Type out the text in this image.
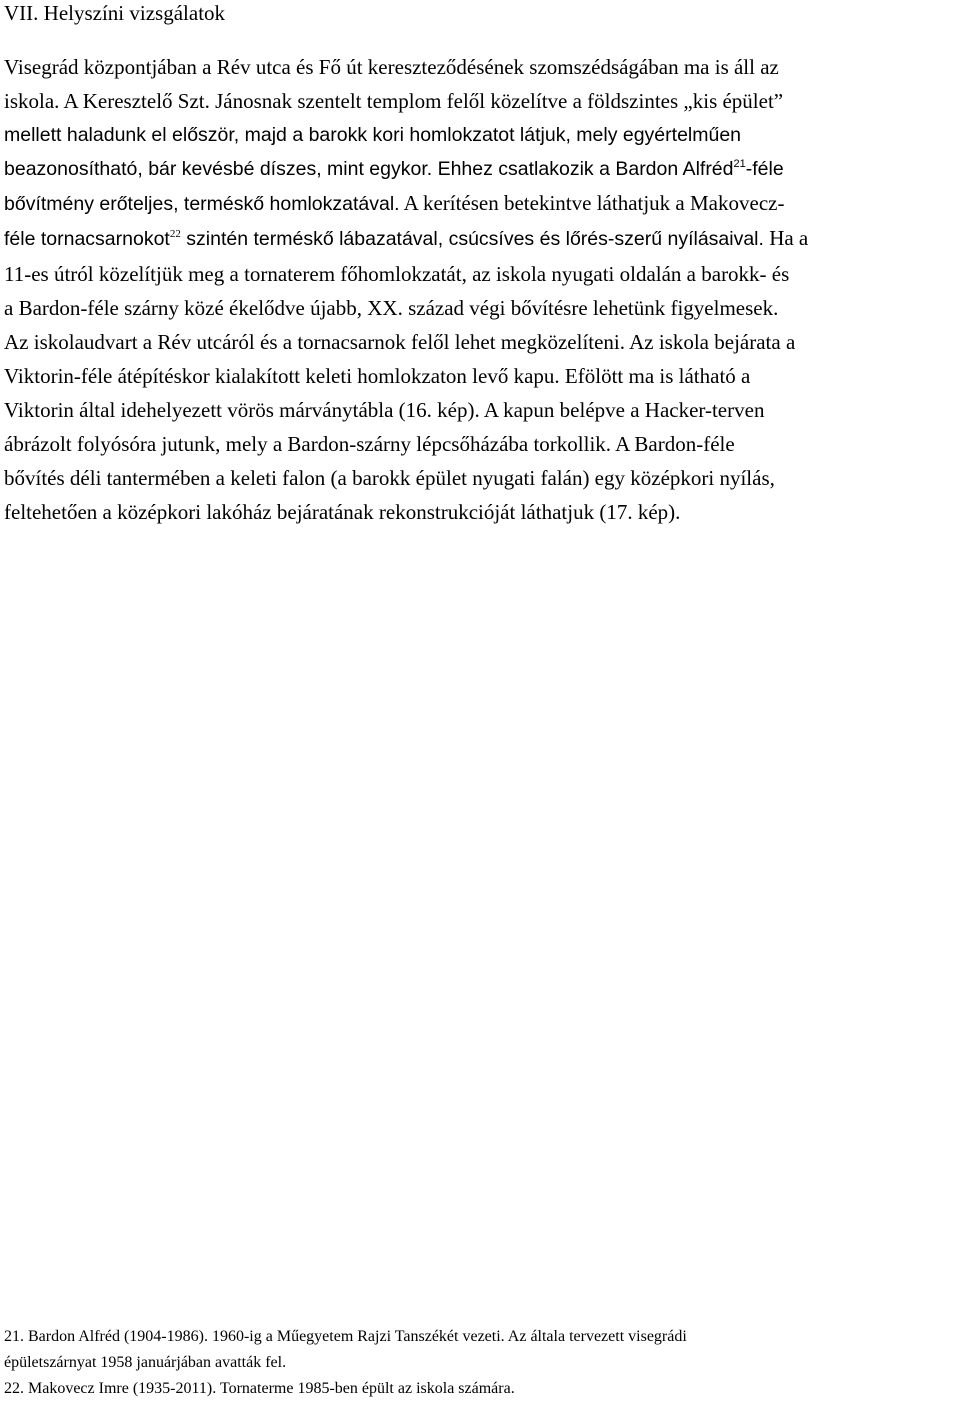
VII. Helyszíni vizsgálatok
Visegrád központjában a Rév utca és Fő út kereszteződésének szomszédságában ma is áll az
iskola. A Keresztelő Szt. Jánosnak szentelt templom felől közelítve a földszintes „kis épület”
mellett haladunk el először, majd a barokk kori homlokzatot látjuk, mely egyértelműen
beazonosítható, bár kevésbé díszes, mint egykor. Ehhez csatlakozik a Bardon Alfréd$^{21}$-féle
bővítmény erőteljes, terméskő homlokzatával. A kerítésen betekintve láthatjuk a Makovecz-
féle tornacsarnokot$^{22}$ szintén terméskő lábazatával, csúcsíves és lőrés-szerű nyílásaival. Ha a
11-es útról közelítjük meg a tornaterem főhomlokzatát, az iskola nyugati oldalán a barokk- és
a Bardon-féle szárny közé ékelődve újabb, XX. század végi bővítésre lehetünk figyelmesek.
Az iskolaudvart a Rév utcáról és a tornacsarnok felől lehet megközelíteni. Az iskola bejárata a
Viktorin-féle átépítéskor kialakított keleti homlokzaton levő kapu. Efölött ma is látható a
Viktorin által idehelyezett vörös márványtábla (16. kép). A kapun belépve a Hacker-terven
ábrázolt folyósóra jutunk, mely a Bardon-szárny lépcsőházába torkollik. A Bardon-féle
bővítés déli tantermében a keleti falon (a barokk épület nyugati falán) egy középkori nyílás,
feltehetően a középkori lakóház bejáratának rekonstrukcióját láthatjuk (17. kép).
21. Bardon Alfréd (1904-1986). 1960-ig a Műegyetem Rajzi Tanszékét vezeti. Az általa tervezett visegrádi
épületszárnyat 1958 januárjában avatták fel.
22. Makovecz Imre (1935-2011). Tornaterme 1985-ben épült az iskola számára.
